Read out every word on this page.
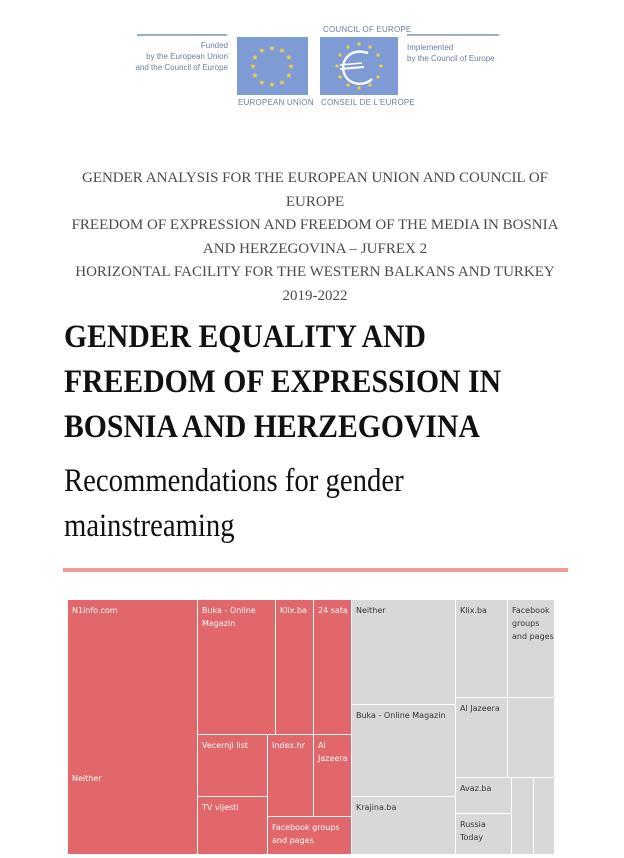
Funded
by the European Union
and the Council of Europe
★ ★
★
★
★
★
★
★
★
★
★
★
COUNCIL OF EUROPE
EUROPEAN UNION CONSEIL DE L'EUROPE
Implemented
by the Council of Europe
GENDER ANALYSIS FOR THE EUROPEAN UNION AND COUNCIL OF
EUROPE
FREEDOM OF EXPRESSION AND FREEDOM OF THE MEDIA IN BOSNIA
AND HERZEGOVINA – JUFREX 2
HORIZONTAL FACILITY FOR THE WESTERN BALKANS AND TURKEY
2019-2022
GENDER EQUALITY AND
FREEDOM OF EXPRESSION IN
BOSNIA AND HERZEGOVINA
Recommendations for gender
mainstreaming
N1info.com
Neither
Buka - Online Magazin
Klix.ba	24 sata
Vecernji list
TV vijesti
Index.hr	Al Jazeera
Facebook groups and pages
Neither
Buka - Online Magazin
Krajina.ba
Klix.ba	Facebook groups and pages
Al Jazeera
Avaz.ba
Russia Today
